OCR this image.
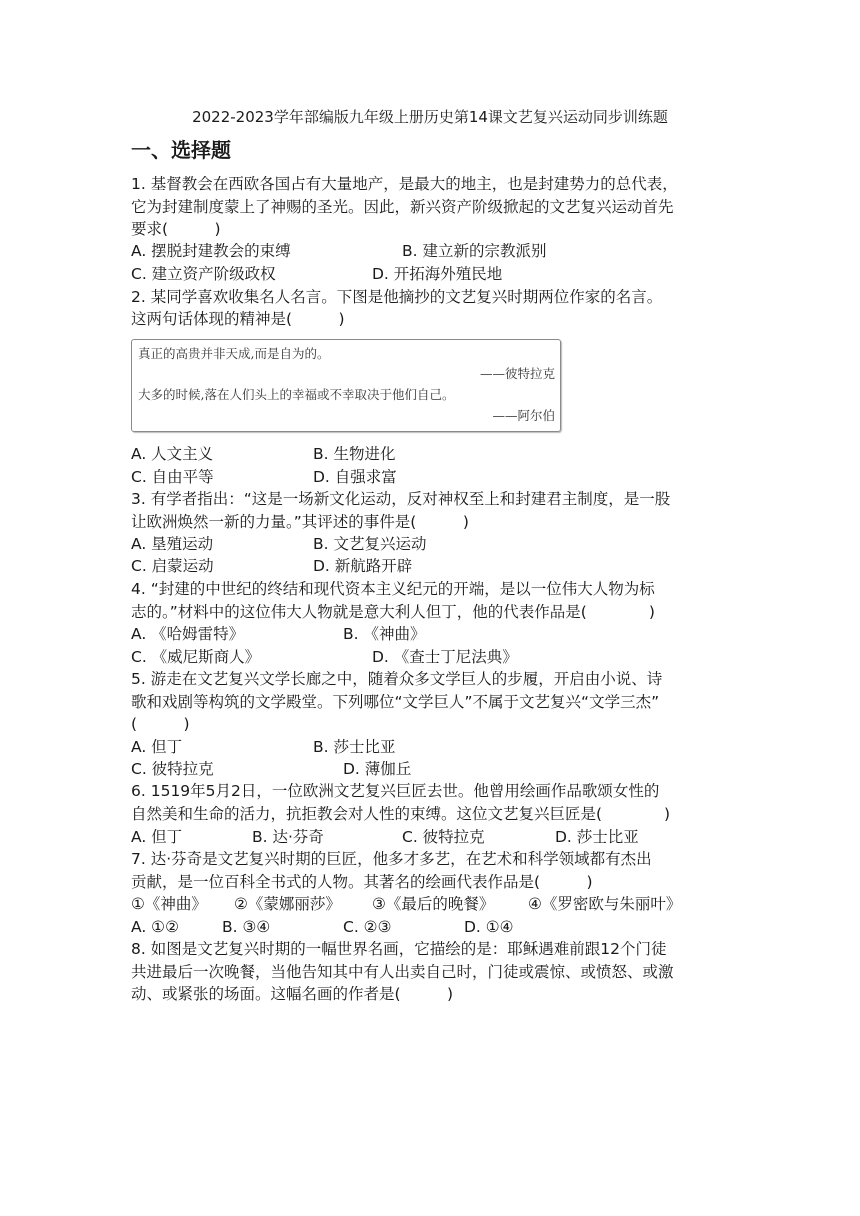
2022-2023学年部编版九年级上册历史第14课文艺复兴运动同步训练题
一、选择题
1. 基督教会在西欧各国占有大量地产，是最大的地主，也是封建势力的总代表，
它为封建制度蒙上了神赐的圣光。因此，新兴资产阶级掀起的文艺复兴运动首先
要求(　　　)
A. 摆脱封建教会的束缚	B. 建立新的宗教派别
C. 建立资产阶级政权	D. 开拓海外殖民地
2. 某同学喜欢收集名人名言。下图是他摘抄的文艺复兴时期两位作家的名言。
这两句话体现的精神是(　　　)
真正的高贵并非天成,而是自为的。
——彼特拉克
大多的时候,落在人们头上的幸福或不幸取决于他们自己。
——阿尔伯
A. 人文主义	B. 生物进化
C. 自由平等	D. 自强求富
3. 有学者指出：“这是一场新文化运动，反对神权至上和封建君主制度，是一股
让欧洲焕然一新的力量。”其评述的事件是(　　　)
A. 垦殖运动	B. 文艺复兴运动
C. 启蒙运动	D. 新航路开辟
4. “封建的中世纪的终结和现代资本主义纪元的开端，是以一位伟大人物为标
志的。”材料中的这位伟大人物就是意大利人但丁，他的代表作品是(　　　　)
A. 《哈姆雷特》	B. 《神曲》
C. 《威尼斯商人》	D. 《查士丁尼法典》
5. 游走在文艺复兴文学长廊之中，随着众多文学巨人的步履，开启由小说、诗
歌和戏剧等构筑的文学殿堂。下列哪位“文学巨人”不属于文艺复兴“文学三杰”
(　　　)
A. 但丁	B. 莎士比亚
C. 彼特拉克	D. 薄伽丘
6. 1519年5月2日，一位欧洲文艺复兴巨匠去世。他曾用绘画作品歌颂女性的
自然美和生命的活力，抗拒教会对人性的束缚。这位文艺复兴巨匠是(　　　　)
A. 但丁	B. 达·芬奇	C. 彼特拉克	D. 莎士比亚
7. 达·芬奇是文艺复兴时期的巨匠，他多才多艺，在艺术和科学领域都有杰出
贡献，是一位百科全书式的人物。其著名的绘画代表作品是(　　　)
①《神曲》 ②《蒙娜丽莎》 ③《最后的晚餐》 ④《罗密欧与朱丽叶》
A. ①②	B. ③④	C. ②③	D. ①④
8. 如图是文艺复兴时期的一幅世界名画，它描绘的是：耶稣遇难前跟12个门徒
共进最后一次晚餐，当他告知其中有人出卖自己时，门徒或震惊、或愤怒、或激
动、或紧张的场面。这幅名画的作者是(　　　)
